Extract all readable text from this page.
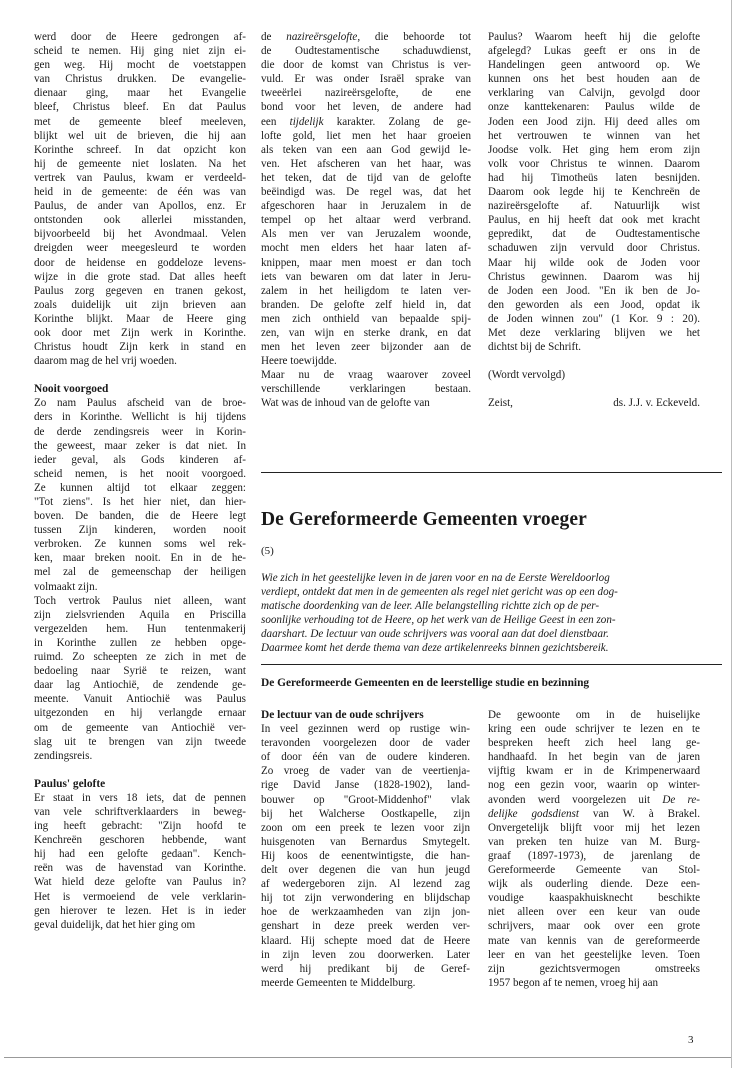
werd door de Heere gedrongen af-
scheid te nemen. Hij ging niet zijn ei-
gen weg. Hij mocht de voetstappen
van Christus drukken. De evangelie-
dienaar ging, maar het Evangelie
bleef, Christus bleef. En dat Paulus
met de gemeente bleef meeleven,
blijkt wel uit de brieven, die hij aan
Korinthe schreef. In dat opzicht kon
hij de gemeente niet loslaten. Na het
vertrek van Paulus, kwam er verdeeld-
heid in de gemeente: de één was van
Paulus, de ander van Apollos, enz. Er
ontstonden ook allerlei misstanden,
bijvoorbeeld bij het Avondmaal. Velen
dreigden weer meegesleurd te worden
door de heidense en goddeloze levens-
wijze in die grote stad. Dat alles heeft
Paulus zorg gegeven en tranen gekost,
zoals duidelijk uit zijn brieven aan
Korinthe blijkt. Maar de Heere ging
ook door met Zijn werk in Korinthe.
Christus houdt Zijn kerk in stand en
daarom mag de hel vrij woeden.
Nooit voorgoed
Zo nam Paulus afscheid van de broe-
ders in Korinthe. Wellicht is hij tijdens
de derde zendingsreis weer in Korin-
the geweest, maar zeker is dat niet. In
ieder geval, als Gods kinderen af-
scheid nemen, is het nooit voorgoed.
Ze kunnen altijd tot elkaar zeggen:
"Tot ziens". Is het hier niet, dan hier-
boven. De banden, die de Heere legt
tussen Zijn kinderen, worden nooit
verbroken. Ze kunnen soms wel rek-
ken, maar breken nooit. En in de he-
mel zal de gemeenschap der heiligen
volmaakt zijn.
Toch vertrok Paulus niet alleen, want
zijn zielsvrienden Aquila en Priscilla
vergezelden hem. Hun tentenmakerij
in Korinthe zullen ze hebben opge-
ruimd. Zo scheepten ze zich in met de
bedoeling naar Syrië te reizen, want
daar lag Antiochië, de zendende ge-
meente. Vanuit Antiochië was Paulus
uitgezonden en hij verlangde ernaar
om de gemeente van Antiochië ver-
slag uit te brengen van zijn tweede
zendingsreis.
Paulus' gelofte
Er staat in vers 18 iets, dat de pennen
van vele schriftverklaarders in beweg-
ing heeft gebracht: "Zijn hoofd te
Kenchreën geschoren hebbende, want
hij had een gelofte gedaan". Kench-
reën was de havenstad van Korinthe.
Wat hield deze gelofte van Paulus in?
Het is vermoeiend de vele verklarin-
gen hierover te lezen. Het is in ieder
geval duidelijk, dat het hier ging om
de nazireërsgelofte, die behoorde tot
de Oudtestamentische schaduwdienst,
die door de komst van Christus is ver-
vuld. Er was onder Israël sprake van
tweeërlei nazireërsgelofte, de ene
bond voor het leven, de andere had
een tijdelijk karakter. Zolang de ge-
lofte gold, liet men het haar groeien
als teken van een aan God gewijd le-
ven. Het afscheren van het haar, was
het teken, dat de tijd van de gelofte
beëindigd was. De regel was, dat het
afgeschoren haar in Jeruzalem in de
tempel op het altaar werd verbrand.
Als men ver van Jeruzalem woonde,
mocht men elders het haar laten af-
knippen, maar men moest er dan toch
iets van bewaren om dat later in Jeru-
zalem in het heiligdom te laten ver-
branden. De gelofte zelf hield in, dat
men zich onthield van bepaalde spij-
zen, van wijn en sterke drank, en dat
men het leven zeer bijzonder aan de
Heere toewijdde.
Maar nu de vraag waarover zoveel
verschillende verklaringen bestaan.
Wat was de inhoud van de gelofte van
Paulus? Waarom heeft hij die gelofte
afgelegd? Lukas geeft er ons in de
Handelingen geen antwoord op. We
kunnen ons het best houden aan de
verklaring van Calvijn, gevolgd door
onze kanttekenaren: Paulus wilde de
Joden een Jood zijn. Hij deed alles om
het vertrouwen te winnen van het
Joodse volk. Het ging hem erom zijn
volk voor Christus te winnen. Daarom
had hij Timotheüs laten besnijden.
Daarom ook legde hij te Kenchreën de
nazireërsgelofte af. Natuurlijk wist
Paulus, en hij heeft dat ook met kracht
gepredikt, dat de Oudtestamentische
schaduwen zijn vervuld door Christus.
Maar hij wilde ook de Joden voor
Christus gewinnen. Daarom was hij
de Joden een Jood. "En ik ben de Jo-
den geworden als een Jood, opdat ik
de Joden winnen zou" (1 Kor. 9 : 20).
Met deze verklaring blijven we het
dichtst bij de Schrift.
(Wordt vervolgd)
Zeist,	ds. J.J. v. Eckeveld.
De Gereformeerde Gemeenten vroeger
(5)
Wie zich in het geestelijke leven in de jaren voor en na de Eerste Wereldoorlog
verdiept, ontdekt dat men in de gemeenten als regel niet gericht was op een dog-
matische doordenking van de leer. Alle belangstelling richtte zich op de per-
soonlijke verhouding tot de Heere, op het werk van de Heilige Geest in een zon-
daarshart. De lectuur van oude schrijvers was vooral aan dat doel dienstbaar.
Daarmee komt het derde thema van deze artikelenreeks binnen gezichtsbereik.
De Gereformeerde Gemeenten en de leerstellige studie en bezinning
De lectuur van de oude schrijvers
In veel gezinnen werd op rustige win-
teravonden voorgelezen door de vader
of door één van de oudere kinderen.
Zo vroeg de vader van de veertienja-
rige David Janse (1828-1902), land-
bouwer op "Groot-Middenhof" vlak
bij het Walcherse Oostkapelle, zijn
zoon om een preek te lezen voor zijn
huisgenoten van Bernardus Smytegelt.
Hij koos de eenentwintigste, die han-
delt over degenen die van hun jeugd
af wedergeboren zijn. Al lezend zag
hij tot zijn verwondering en blijdschap
hoe de werkzaamheden van zijn jon-
genshart in deze preek werden ver-
klaard. Hij schepte moed dat de Heere
in zijn leven zou doorwerken. Later
werd hij predikant bij de Geref-
meerde Gemeenten te Middelburg.
De gewoonte om in de huiselijke
kring een oude schrijver te lezen en te
bespreken heeft zich heel lang ge-
handhaafd. In het begin van de jaren
vijftig kwam er in de Krimpenerwaard
nog een gezin voor, waarin op winter-
avonden werd voorgelezen uit De re-
delijke godsdienst van W. à Brakel.
Onvergetelijk blijft voor mij het lezen
van preken ten huize van M. Burg-
graaf (1897-1973), de jarenlang de
Gereformeerde Gemeente van Stol-
wijk als ouderling diende. Deze een-
voudige kaaspakhuisknecht beschikte
niet alleen over een keur van oude
schrijvers, maar ook over een grote
mate van kennis van de gereformeerde
leer en van het geestelijke leven. Toen
zijn gezichtsvermogen omstreeks
1957 begon af te nemen, vroeg hij aan
3
